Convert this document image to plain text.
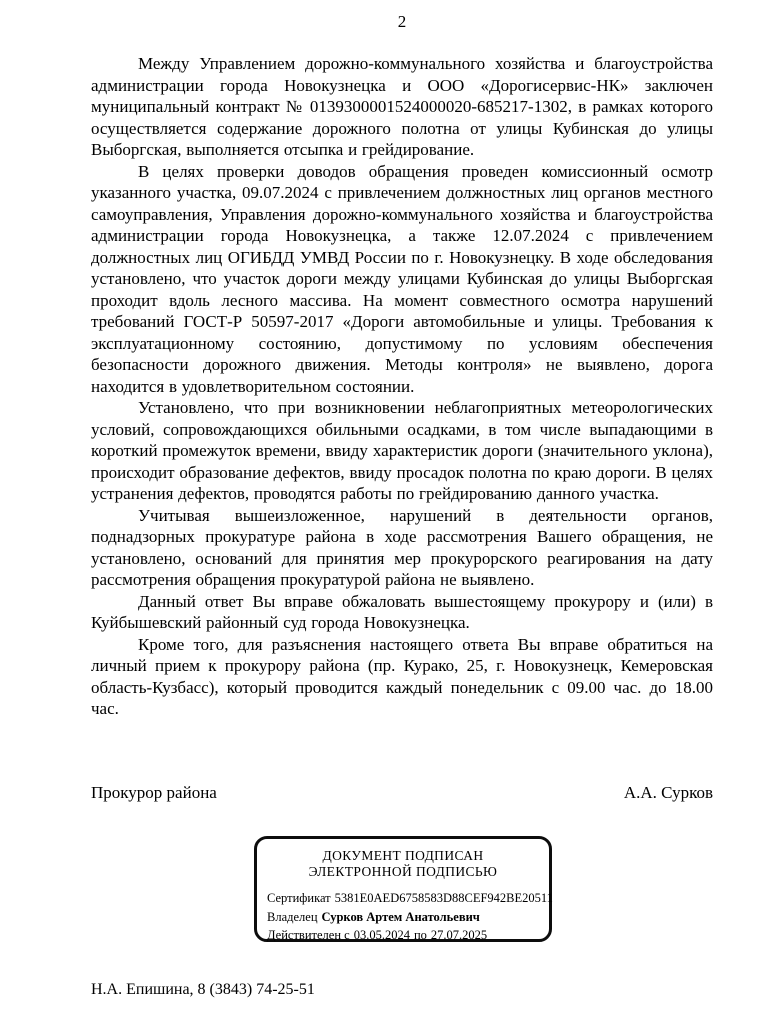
2

Между Управлением дорожно-коммунального хозяйства и благоустройства администрации города Новокузнецка и ООО «Дорогисервис-НК» заключен муниципальный контракт № 0139300001524000020-685217-1302, в рамках которого осуществляется содержание дорожного полотна от улицы Кубинская до улицы Выборгская, выполняется отсыпка и грейдирование.

В целях проверки доводов обращения проведен комиссионный осмотр указанного участка, 09.07.2024 с привлечением должностных лиц органов местного самоуправления, Управления дорожно-коммунального хозяйства и благоустройства администрации города Новокузнецка, а также 12.07.2024 с привлечением должностных лиц ОГИБДД УМВД России по г. Новокузнецку. В ходе обследования установлено, что участок дороги между улицами Кубинская до улицы Выборгская проходит вдоль лесного массива. На момент совместного осмотра нарушений требований ГОСТ-Р 50597-2017 «Дороги автомобильные и улицы. Требования к эксплуатационному состоянию, допустимому по условиям обеспечения безопасности дорожного движения. Методы контроля» не выявлено, дорога находится в удовлетворительном состоянии.

Установлено, что при возникновении неблагоприятных метеорологических условий, сопровождающихся обильными осадками, в том числе выпадающими в короткий промежуток времени, ввиду характеристик дороги (значительного уклона), происходит образование дефектов, ввиду просадок полотна по краю дороги. В целях устранения дефектов, проводятся работы по грейдированию данного участка.

Учитывая вышеизложенное, нарушений в деятельности органов, поднадзорных прокуратуре района в ходе рассмотрения Вашего обращения, не установлено, оснований для принятия мер прокурорского реагирования на дату рассмотрения обращения прокуратурой района не выявлено.

Данный ответ Вы вправе обжаловать вышестоящему прокурору и (или) в Куйбышевский районный суд города Новокузнецка.

Кроме того, для разъяснения настоящего ответа Вы вправе обратиться на личный прием к прокурору района (пр. Курако, 25, г. Новокузнецк, Кемеровская область-Кузбасс), который проводится каждый понедельник с 09.00 час. до 18.00 час.

Прокурор района	А.А. Сурков
ДОКУМЕНТ ПОДПИСАН
ЭЛЕКТРОННОЙ ПОДПИСЬЮ
Сертификат 5381E0AED6758583D88CEF942BE20511
Владелец Сурков Артем Анатольевич
Действителен с 03.05.2024 по 27.07.2025
Н.А. Епишина, 8 (3843) 74-25-51
